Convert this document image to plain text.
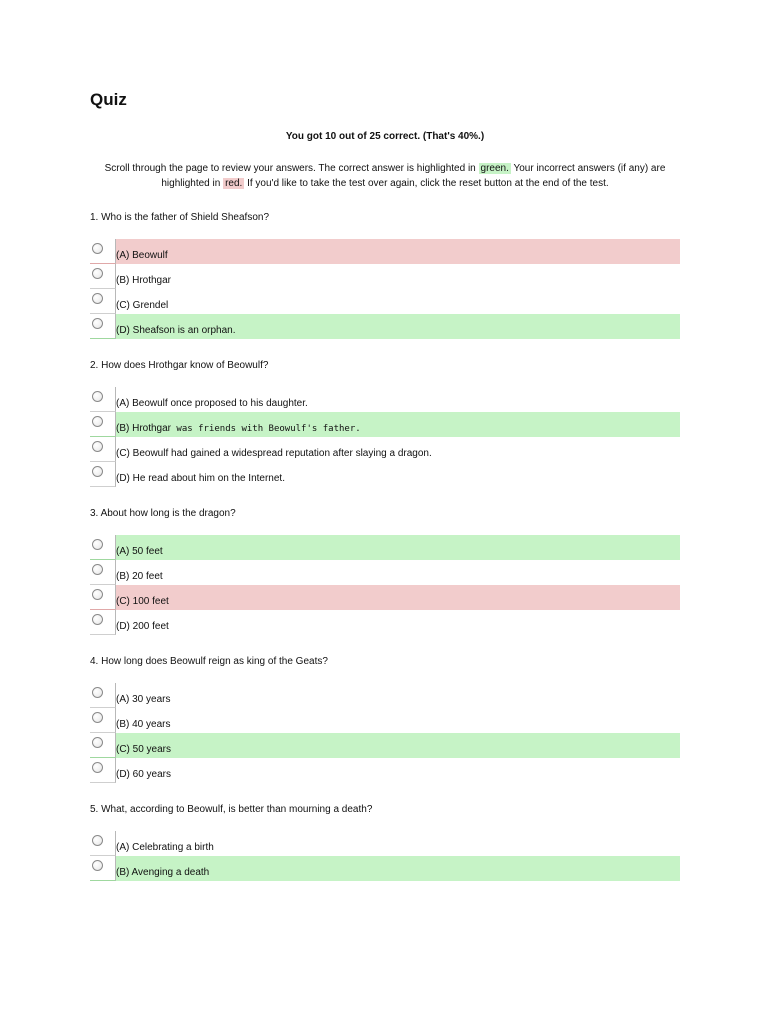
Quiz
You got 10 out of 25 correct. (That's 40%.)
Scroll through the page to review your answers. The correct answer is highlighted in green. Your incorrect answers (if any) are highlighted in red. If you'd like to take the test over again, click the reset button at the end of the test.
1. Who is the father of Shield Sheafson?
(A) Beowulf
(B) Hrothgar
(C) Grendel
(D) Sheafson is an orphan.
2. How does Hrothgar know of Beowulf?
(A) Beowulf once proposed to his daughter.
(B) Hrothgar was friends with Beowulf's father.
(C) Beowulf had gained a widespread reputation after slaying a dragon.
(D) He read about him on the Internet.
3. About how long is the dragon?
(A) 50 feet
(B) 20 feet
(C) 100 feet
(D) 200 feet
4. How long does Beowulf reign as king of the Geats?
(A) 30 years
(B) 40 years
(C) 50 years
(D) 60 years
5. What, according to Beowulf, is better than mourning a death?
(A) Celebrating a birth
(B) Avenging a death
